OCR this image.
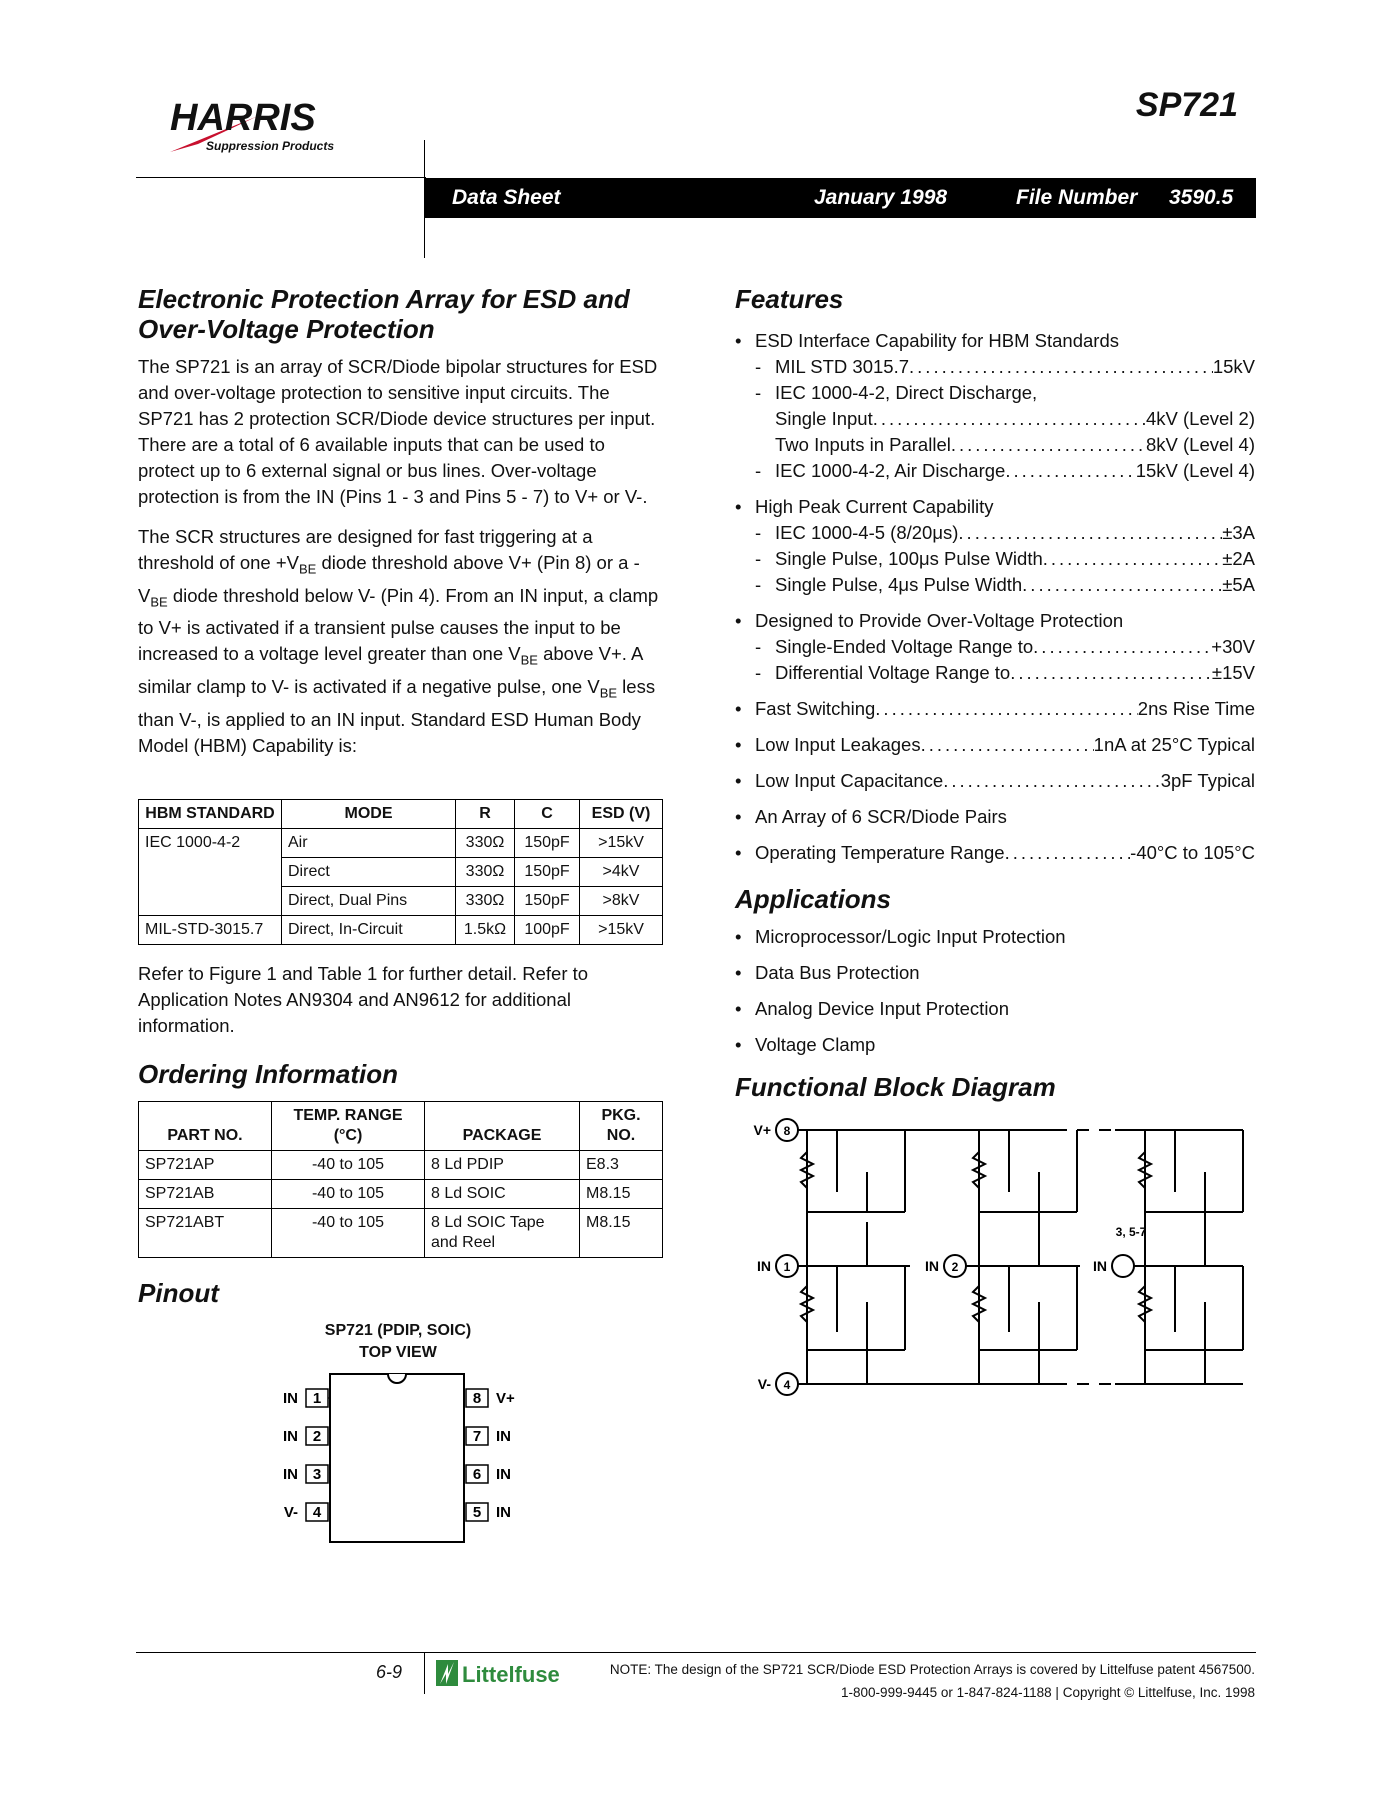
HARRIS
Suppression Products
SP721
Data Sheet	January 1998	File Number 3590.5
Electronic Protection Array for ESD and
Over-Voltage Protection

The SP721 is an array of SCR/Diode bipolar structures for ESD and over-voltage protection to sensitive input circuits. The SP721 has 2 protection SCR/Diode device structures per input. There are a total of 6 available inputs that can be used to protect up to 6 external signal or bus lines. Over-voltage protection is from the IN (Pins 1 - 3 and Pins 5 - 7) to V+ or V-.

The SCR structures are designed for fast triggering at a threshold of one $+V_{BE}$ diode threshold above V+ (Pin 8) or a $-V_{BE}$ diode threshold below V- (Pin 4). From an IN input, a clamp to V+ is activated if a transient pulse causes the input to be increased to a voltage level greater than one $V_{BE}$ above V+. A similar clamp to V- is activated if a negative pulse, one $V_{BE}$ less than V-, is applied to an IN input. Standard ESD Human Body Model (HBM) Capability is:

HBM STANDARD	MODE	R	C	ESD (V)
IEC 1000-4-2	Air	330Ω	150pF	>15kV
	Direct	330Ω	150pF	>4kV
	Direct, Dual Pins	330Ω	150pF	>8kV
MIL-STD-3015.7	Direct, In-Circuit	1.5kΩ	100pF	>15kV

Refer to Figure 1 and Table 1 for further detail. Refer to Application Notes AN9304 and AN9612 for additional information.

Ordering Information
PART NO.	TEMP. RANGE (°C)	PACKAGE	PKG. NO.
SP721AP	-40 to 105	8 Ld PDIP	E8.3
SP721AB	-40 to 105	8 Ld SOIC	M8.15
SP721ABT	-40 to 105	8 Ld SOIC Tape and Reel	M8.15
Pinout
SP721 (PDIP, SOIC)
TOP VIEW
1
IN
2
IN
3
IN
4
V-
8 V+
7 IN
6 IN
5 IN
Features
• ESD Interface Capability for HBM Standards
- MIL STD 3015.7 .....	15kV
- IEC 1000-4-2, Direct Discharge,
Single Input .....	4kV (Level 2)
Two Inputs in Parallel .....	8kV (Level 4)
- IEC 1000-4-2, Air Discharge .....	15kV (Level 4)
• High Peak Current Capability
- IEC 1000-4-5 (8/20μs) .....	±3A
- Single Pulse, 100μs Pulse Width .....	±2A
- Single Pulse, 4μs Pulse Width .....	±5A
• Designed to Provide Over-Voltage Protection
- Single-Ended Voltage Range to .....	+30V
- Differential Voltage Range to .....	±15V
• Fast Switching .....	2ns Rise Time
• Low Input Leakages .....	1nA at 25°C Typical
• Low Input Capacitance .....	3pF Typical
• An Array of 6 SCR/Diode Pairs
• Operating Temperature Range .....	-40°C to 105°C
Applications
• Microprocessor/Logic Input Protection
• Data Bus Protection
• Analog Device Input Protection
• Voltage Clamp
Functional Block Diagram
8
V+
1
IN	2
IN	IN
3, 5-7
4
V-
6-9	Littelfuse	NOTE: The design of the SP721 SCR/Diode ESD Protection Arrays is covered by Littelfuse patent 4567500.
1-800-999-9445 or 1-847-824-1188 | Copyright © Littelfuse, Inc. 1998
